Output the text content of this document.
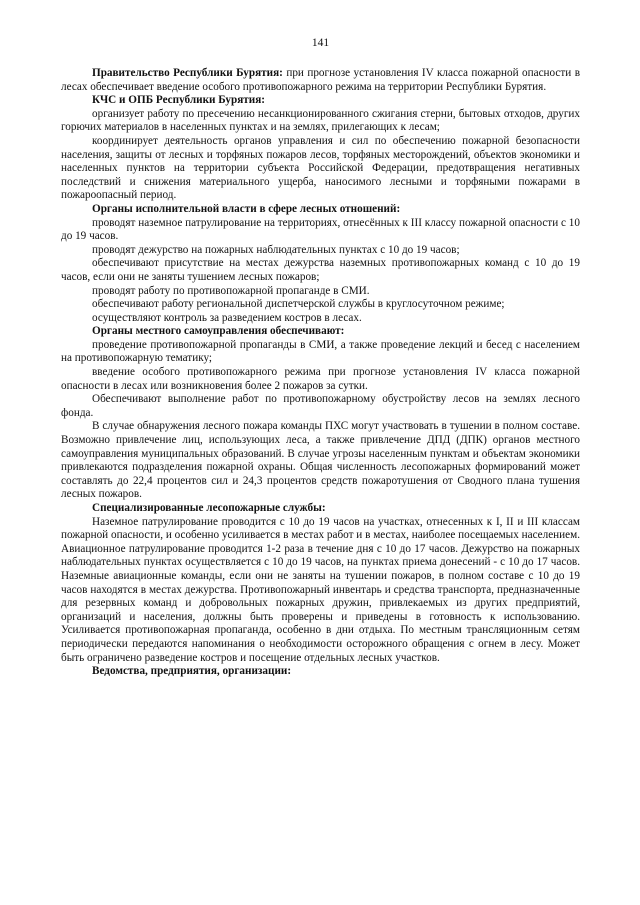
141

Правительство Республики Бурятия: при прогнозе установления IV класса пожарной опасности в лесах обеспечивает введение особого противопожарного режима на территории Республики Бурятия.

КЧС и ОПБ Республики Бурятия:

организует работу по пресечению несанкционированного сжигания стерни, бытовых отходов, других горючих материалов в населенных пунктах и на землях, прилегающих к лесам;

координирует деятельность органов управления и сил по обеспечению пожарной безопасности населения, защиты от лесных и торфяных пожаров лесов, торфяных месторождений, объектов экономики и населенных пунктов на территории субъекта Российской Федерации, предотвращения негативных последствий и снижения материального ущерба, наносимого лесными и торфяными пожарами в пожароопасный период.

Органы исполнительной власти в сфере лесных отношений:

проводят наземное патрулирование на территориях, отнесённых к III классу пожарной опасности с 10 до 19 часов.

проводят дежурство на пожарных наблюдательных пунктах с 10 до 19 часов;

обеспечивают присутствие на местах дежурства наземных противопожарных команд с 10 до 19 часов, если они не заняты тушением лесных пожаров;

проводят работу по противопожарной пропаганде в СМИ.

обеспечивают работу региональной диспетчерской службы в круглосуточном режиме;

осуществляют контроль за разведением костров в лесах.

Органы местного самоуправления обеспечивают:

проведение противопожарной пропаганды в СМИ, а также проведение лекций и бесед с населением на противопожарную тематику;

введение особого противопожарного режима при прогнозе установления IV класса пожарной опасности в лесах или возникновения более 2 пожаров за сутки.

Обеспечивают выполнение работ по противопожарному обустройству лесов на землях лесного фонда.

В случае обнаружения лесного пожара команды ПХС могут участвовать в тушении в полном составе. Возможно привлечение лиц, использующих леса, а также привлечение ДПД (ДПК) органов местного самоуправления муниципальных образований. В случае угрозы населенным пунктам и объектам экономики привлекаются подразделения пожарной охраны. Общая численность лесопожарных формирований может составлять до 22,4 процентов сил и 24,3 процентов средств пожаротушения от Сводного плана тушения лесных пожаров.

Специализированные лесопожарные службы:

Наземное патрулирование проводится с 10 до 19 часов на участках, отнесенных к I, II и III классам пожарной опасности, и особенно усиливается в местах работ и в местах, наиболее посещаемых населением. Авиационное патрулирование проводится 1-2 раза в течение дня с 10 до 17 часов. Дежурство на пожарных наблюдательных пунктах осуществляется с 10 до 19 часов, на пунктах приема донесений - с 10 до 17 часов. Наземные авиационные команды, если они не заняты на тушении пожаров, в полном составе с 10 до 19 часов находятся в местах дежурства. Противопожарный инвентарь и средства транспорта, предназначенные для резервных команд и добровольных пожарных дружин, привлекаемых из других предприятий, организаций и населения, должны быть проверены и приведены в готовность к использованию. Усиливается противопожарная пропаганда, особенно в дни отдыха. По местным трансляционным сетям периодически передаются напоминания о необходимости осторожного обращения с огнем в лесу. Может быть ограничено разведение костров и посещение отдельных лесных участков.

Ведомства, предприятия, организации:
